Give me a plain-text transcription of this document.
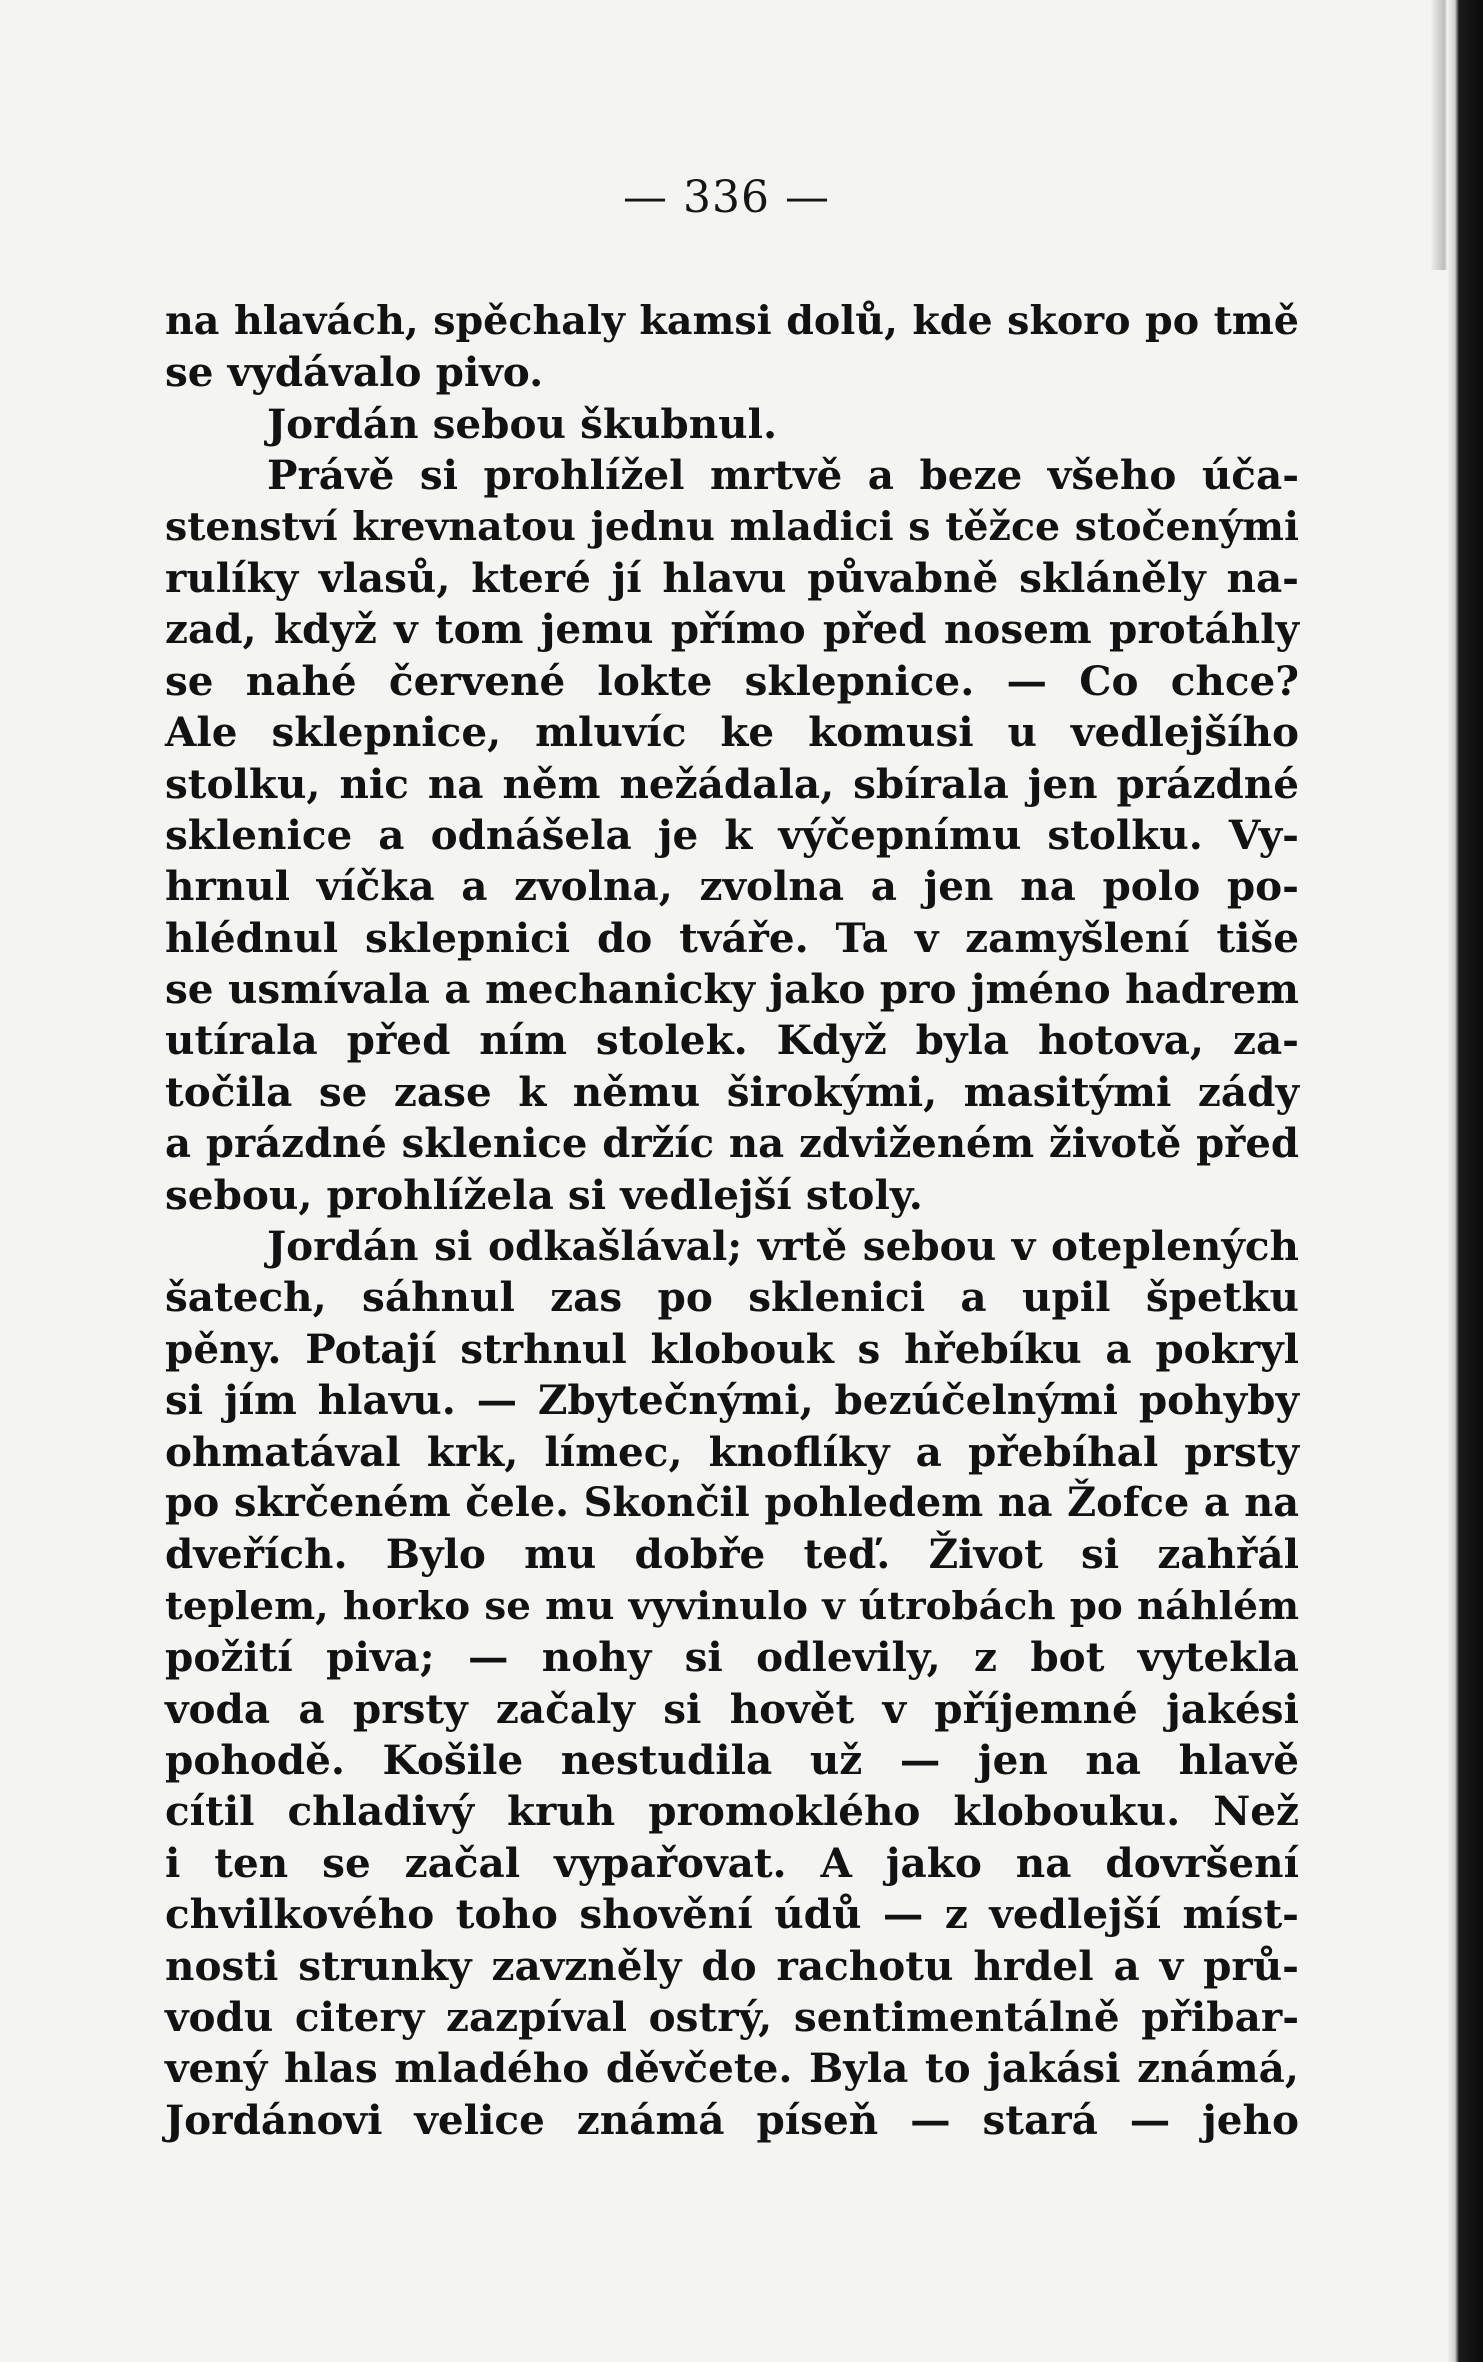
— 336 —
na hlavách, spěchaly kamsi dolů, kde skoro po tmě
se vydávalo pivo.
Jordán sebou škubnul.
Právě si prohlížel mrtvě a beze všeho úča-
stenství krevnatou jednu mladici s těžce stočenými
rulíky vlasů, které jí hlavu půvabně skláněly na-
zad, když v tom jemu přímo před nosem protáhly
se nahé červené lokte sklepnice. — Co chce?
Ale sklepnice, mluvíc ke komusi u vedlejšího
stolku, nic na něm nežádala, sbírala jen prázdné
sklenice a odnášela je k výčepnímu stolku. Vy-
hrnul víčka a zvolna, zvolna a jen na polo po-
hlédnul sklepnici do tváře. Ta v zamyšlení tiše
se usmívala a mechanicky jako pro jméno hadrem
utírala před ním stolek. Když byla hotova, za-
točila se zase k němu širokými, masitými zády
a prázdné sklenice držíc na zdviženém životě před
sebou, prohlížela si vedlejší stoly.
Jordán si odkašlával; vrtě sebou v oteplených
šatech, sáhnul zas po sklenici a upil špetku
pěny. Potají strhnul klobouk s hřebíku a pokryl
si jím hlavu. — Zbytečnými, bezúčelnými pohyby
ohmatával krk, límec, knoflíky a přebíhal prsty
po skrčeném čele. Skončil pohledem na Žofce a na
dveřích. Bylo mu dobře teď. Život si zahřál
teplem, horko se mu vyvinulo v útrobách po náhlém
požití piva; — nohy si odlevily, z bot vytekla
voda a prsty začaly si hovět v příjemné jakési
pohodě. Košile nestudila už — jen na hlavě
cítil chladivý kruh promoklého klobouku. Než
i ten se začal vypařovat. A jako na dovršení
chvilkového toho shovění údů — z vedlejší míst-
nosti strunky zavzněly do rachotu hrdel a v prů-
vodu citery zazpíval ostrý, sentimentálně přibar-
vený hlas mladého děvčete. Byla to jakási známá,
Jordánovi velice známá píseň — stará — jeho
